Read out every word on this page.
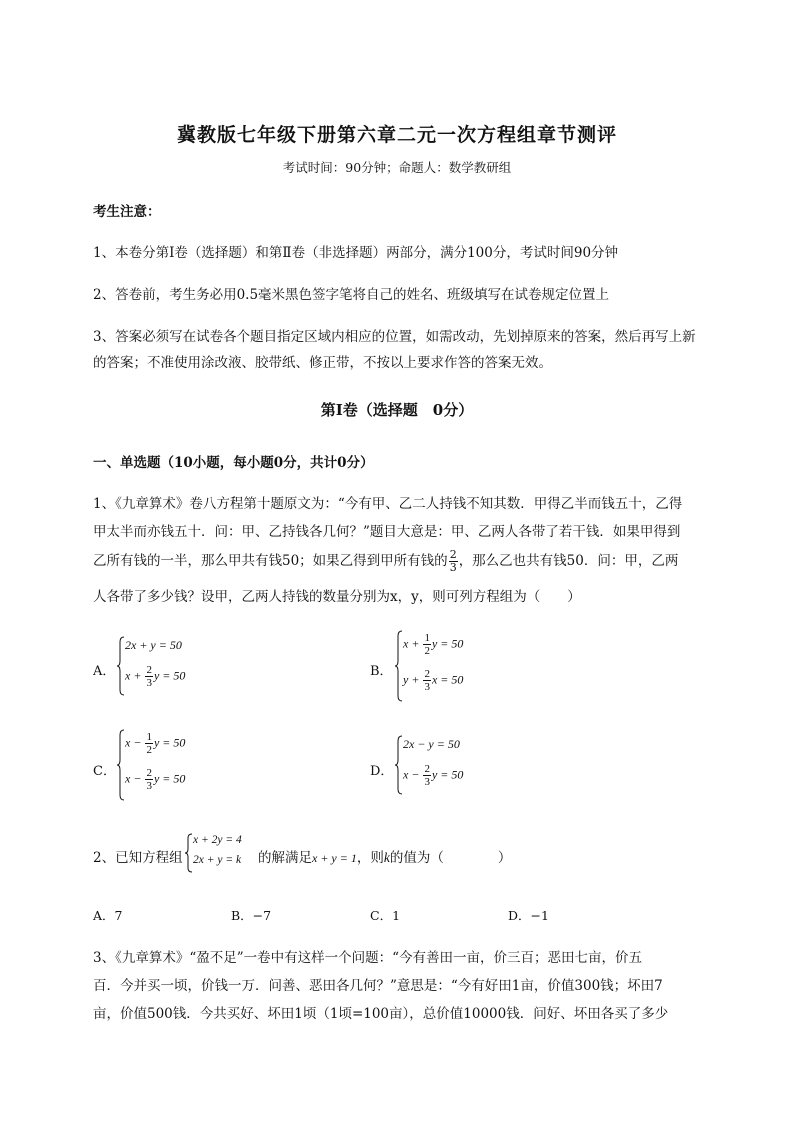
冀教版七年级下册第六章二元一次方程组章节测评
考试时间：90分钟；命题人：数学教研组
考生注意：
1、本卷分第I卷（选择题）和第Ⅱ卷（非选择题）两部分，满分100分，考试时间90分钟
2、答卷前，考生务必用0.5毫米黑色签字笔将自己的姓名、班级填写在试卷规定位置上
3、答案必须写在试卷各个题目指定区域内相应的位置，如需改动，先划掉原来的答案，然后再写上新
的答案；不准使用涂改液、胶带纸、修正带，不按以上要求作答的答案无效。
第I卷（选择题　0分）
一、单选题（10小题，每小题0分，共计0分）
1、《九章算术》卷八方程第十题原文为：“今有甲、乙二人持钱不知其数．甲得乙半而钱五十，乙得
甲太半而亦钱五十．问：甲、乙持钱各几何？”题目大意是：甲、乙两人各带了若干钱．如果甲得到
乙所有钱的一半，那么甲共有钱50；如果乙得到甲所有钱的 $\frac{2}{3}$ ，那么乙也共有钱50．问：甲，乙两
人各带了多少钱？设甲，乙两人持钱的数量分别为x，y，则可列方程组为（　　）
A．
2x + y = 50
$x + \frac{2}{3}$ y = 50	B．
$x + \frac{1}{2}$ y = 50
$y + \frac{2}{3}$ x = 50
C．
$x - \frac{1}{2}$ y = 50
$x - \frac{2}{3}$ y = 50	D．
2x − y = 50
$x - \frac{2}{3}$ y = 50
2、已知方程组
x + 2y = 4
2x + y = k 的解满足x + y = 1，则k的值为（　　　　）
A．7	B．−7	C．1	D．−1
3、《九章算术》“盈不足”一卷中有这样一个问题：“今有善田一亩，价三百；恶田七亩，价五
百．今并买一顷，价钱一万．问善、恶田各几何？”意思是：“今有好田1亩，价值300钱；坏田7
亩，价值500钱．今共买好、坏田1顷（1顷=100亩），总价值10000钱．问好、坏田各买了多少
